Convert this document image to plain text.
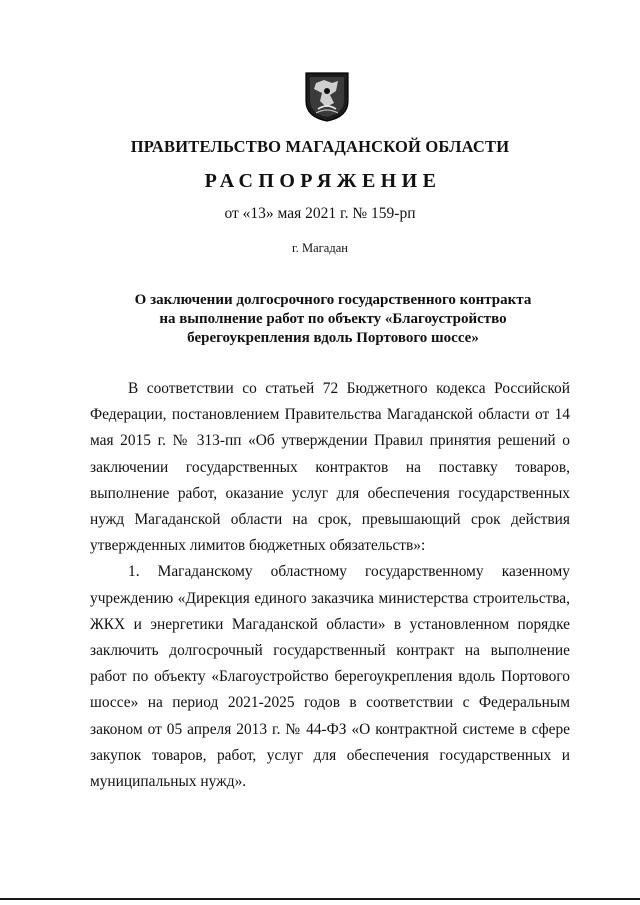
ПРАВИТЕЛЬСТВО МАГАДАНСКОЙ ОБЛАСТИ
РАСПОРЯЖЕНИЕ
от «13» мая 2021 г. № 159-рп
г. Магадан
О заключении долгосрочного государственного контракта
на выполнение работ по объекту «Благоустройство
берегоукрепления вдоль Портового шоссе»

В соответствии со статьей 72 Бюджетного кодекса Российской Федерации, постановлением Правительства Магаданской области от 14 мая 2015 г. № 313-пп «Об утверждении Правил принятия решений о заключении государственных контрактов на поставку товаров, выполнение работ, оказание услуг для обеспечения государственных нужд Магаданской области на срок, превышающий срок действия утвержденных лимитов бюджетных обязательств»:

1. Магаданскому областному государственному казенному учреждению «Дирекция единого заказчика министерства строительства, ЖКХ и энергетики Магаданской области» в установленном порядке заключить долгосрочный государственный контракт на выполнение работ по объекту «Благоустройство берегоукрепления вдоль Портового шоссе» на период 2021-2025 годов в соответствии с Федеральным законом от 05 апреля 2013 г. № 44-ФЗ «О контрактной системе в сфере закупок товаров, работ, услуг для обеспечения государственных и муниципальных нужд».
